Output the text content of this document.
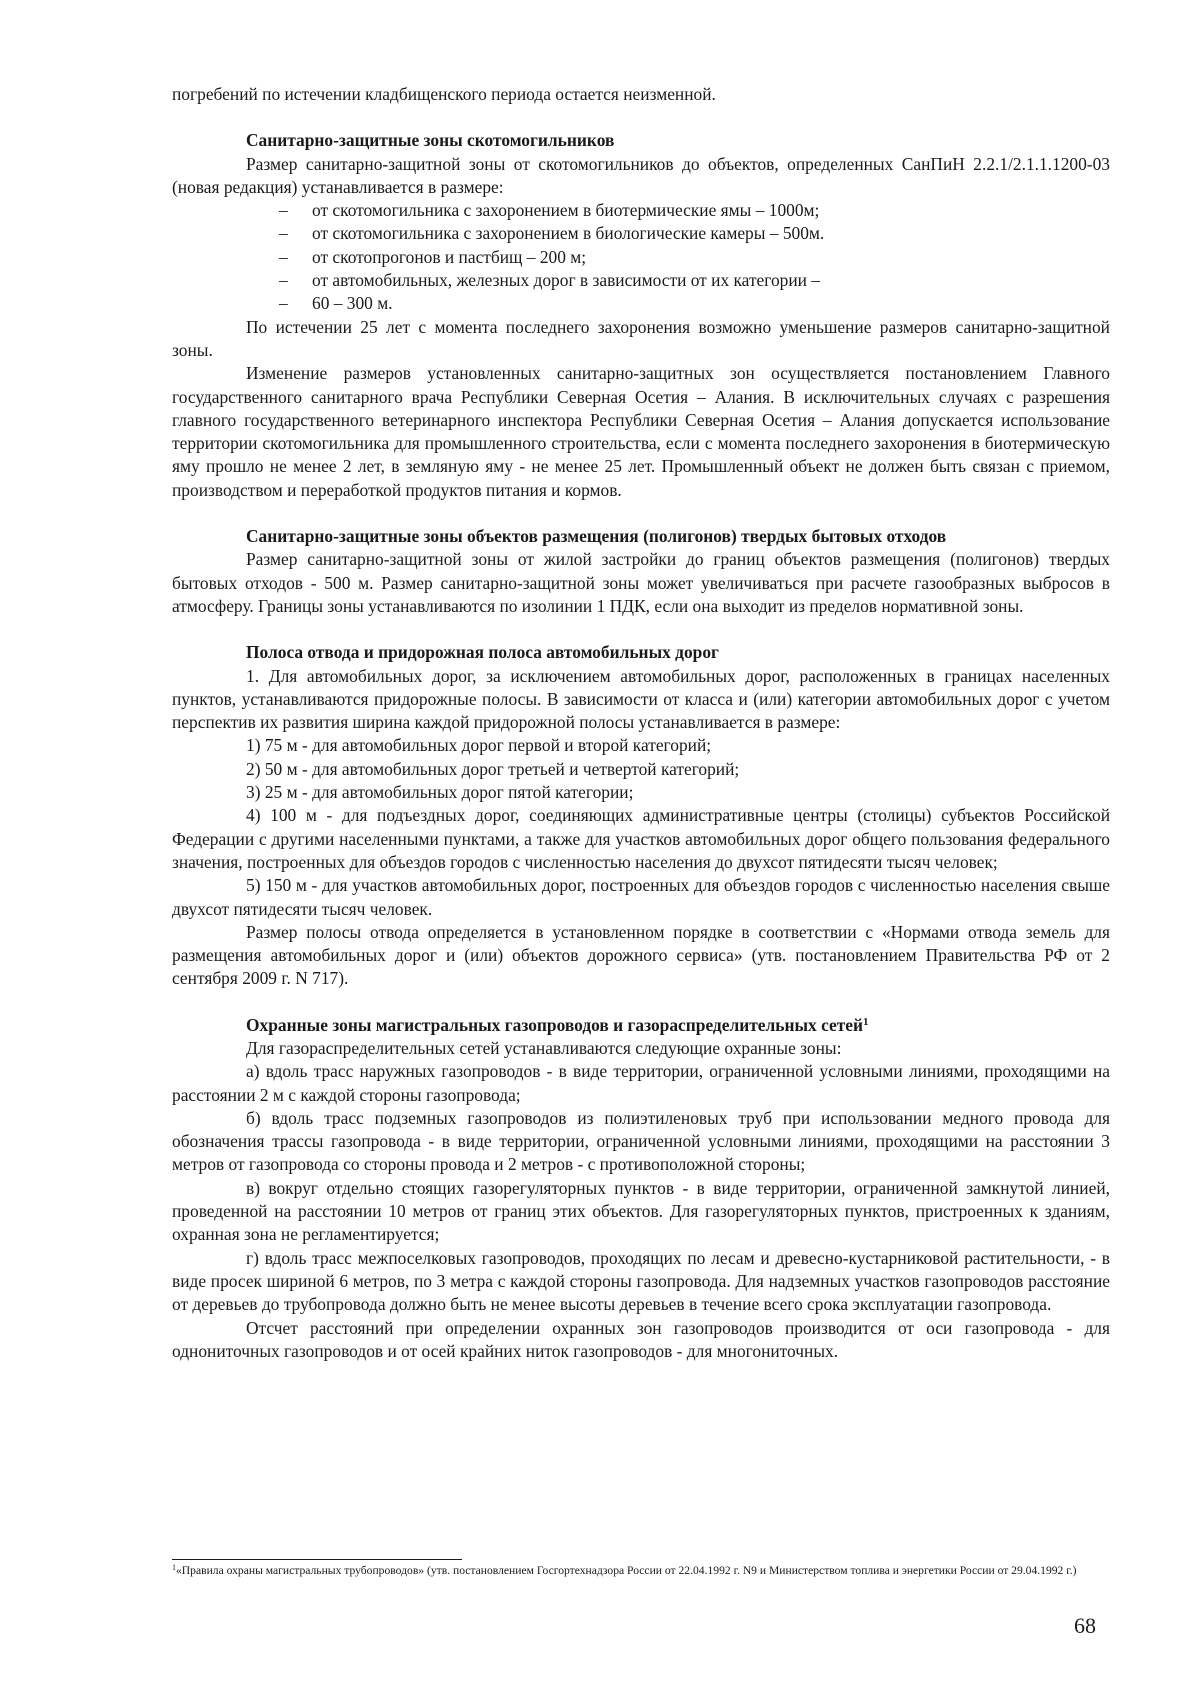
погребений по истечении кладбищенского периода остается неизменной.

Санитарно-защитные зоны скотомогильников

Размер санитарно-защитной зоны от скотомогильников до объектов, определенных СанПиН 2.2.1/2.1.1.1200-03 (новая редакция) устанавливается в размере:

– от скотомогильника с захоронением в биотермические ямы – 1000м;
– от скотомогильника с захоронением в биологические камеры – 500м.
– от скотопрогонов и пастбищ – 200 м;
– от автомобильных, железных дорог в зависимости от их категории –
– 60 – 300 м.

По истечении 25 лет с момента последнего захоронения возможно уменьшение размеров санитарно-защитной зоны.

Изменение размеров установленных санитарно-защитных зон осуществляется постановлением Главного государственного санитарного врача Республики Северная Осетия – Алания. В исключительных случаях с разрешения главного государственного ветеринарного инспектора Республики Северная Осетия – Алания допускается использование территории скотомогильника для промышленного строительства, если с момента последнего захоронения в биотермическую яму прошло не менее 2 лет, в земляную яму - не менее 25 лет. Промышленный объект не должен быть связан с приемом, производством и переработкой продуктов питания и кормов.

Санитарно-защитные зоны объектов размещения (полигонов) твердых бытовых отходов

Размер санитарно-защитной зоны от жилой застройки до границ объектов размещения (полигонов) твердых бытовых отходов - 500 м. Размер санитарно-защитной зоны может увеличиваться при расчете газообразных выбросов в атмосферу. Границы зоны устанавливаются по изолинии 1 ПДК, если она выходит из пределов нормативной зоны.

Полоса отвода и придорожная полоса автомобильных дорог

1. Для автомобильных дорог, за исключением автомобильных дорог, расположенных в границах населенных пунктов, устанавливаются придорожные полосы. В зависимости от класса и (или) категории автомобильных дорог с учетом перспектив их развития ширина каждой придорожной полосы устанавливается в размере:

1) 75 м - для автомобильных дорог первой и второй категорий;

2) 50 м - для автомобильных дорог третьей и четвертой категорий;

3) 25 м - для автомобильных дорог пятой категории;

4) 100 м - для подъездных дорог, соединяющих административные центры (столицы) субъектов Российской Федерации с другими населенными пунктами, а также для участков автомобильных дорог общего пользования федерального значения, построенных для объездов городов с численностью населения до двухсот пятидесяти тысяч человек;

5) 150 м - для участков автомобильных дорог, построенных для объездов городов с численностью населения свыше двухсот пятидесяти тысяч человек.

Размер полосы отвода определяется в установленном порядке в соответствии с «Нормами отвода земель для размещения автомобильных дорог и (или) объектов дорожного сервиса» (утв. постановлением Правительства РФ от 2 сентября 2009 г. N 717).

Охранные зоны магистральных газопроводов и газораспределительных сетей$^1$

Для газораспределительных сетей устанавливаются следующие охранные зоны:

а) вдоль трасс наружных газопроводов - в виде территории, ограниченной условными линиями, проходящими на расстоянии 2 м с каждой стороны газопровода;

б) вдоль трасс подземных газопроводов из полиэтиленовых труб при использовании медного провода для обозначения трассы газопровода - в виде территории, ограниченной условными линиями, проходящими на расстоянии 3 метров от газопровода со стороны провода и 2 метров - с противоположной стороны;

в) вокруг отдельно стоящих газорегуляторных пунктов - в виде территории, ограниченной замкнутой линией, проведенной на расстоянии 10 метров от границ этих объектов. Для газорегуляторных пунктов, пристроенных к зданиям, охранная зона не регламентируется;

г) вдоль трасс межпоселковых газопроводов, проходящих по лесам и древесно-кустарниковой растительности, - в виде просек шириной 6 метров, по 3 метра с каждой стороны газопровода. Для надземных участков газопроводов расстояние от деревьев до трубопровода должно быть не менее высоты деревьев в течение всего срока эксплуатации газопровода.

Отсчет расстояний при определении охранных зон газопроводов производится от оси газопровода - для однониточных газопроводов и от осей крайних ниток газопроводов - для многониточных.

$^1$«Правила охраны магистральных трубопроводов» (утв. постановлением Госгортехнадзора России от 22.04.1992 г. N9 и Министерством топлива и энергетики России от 29.04.1992 г.)
68
